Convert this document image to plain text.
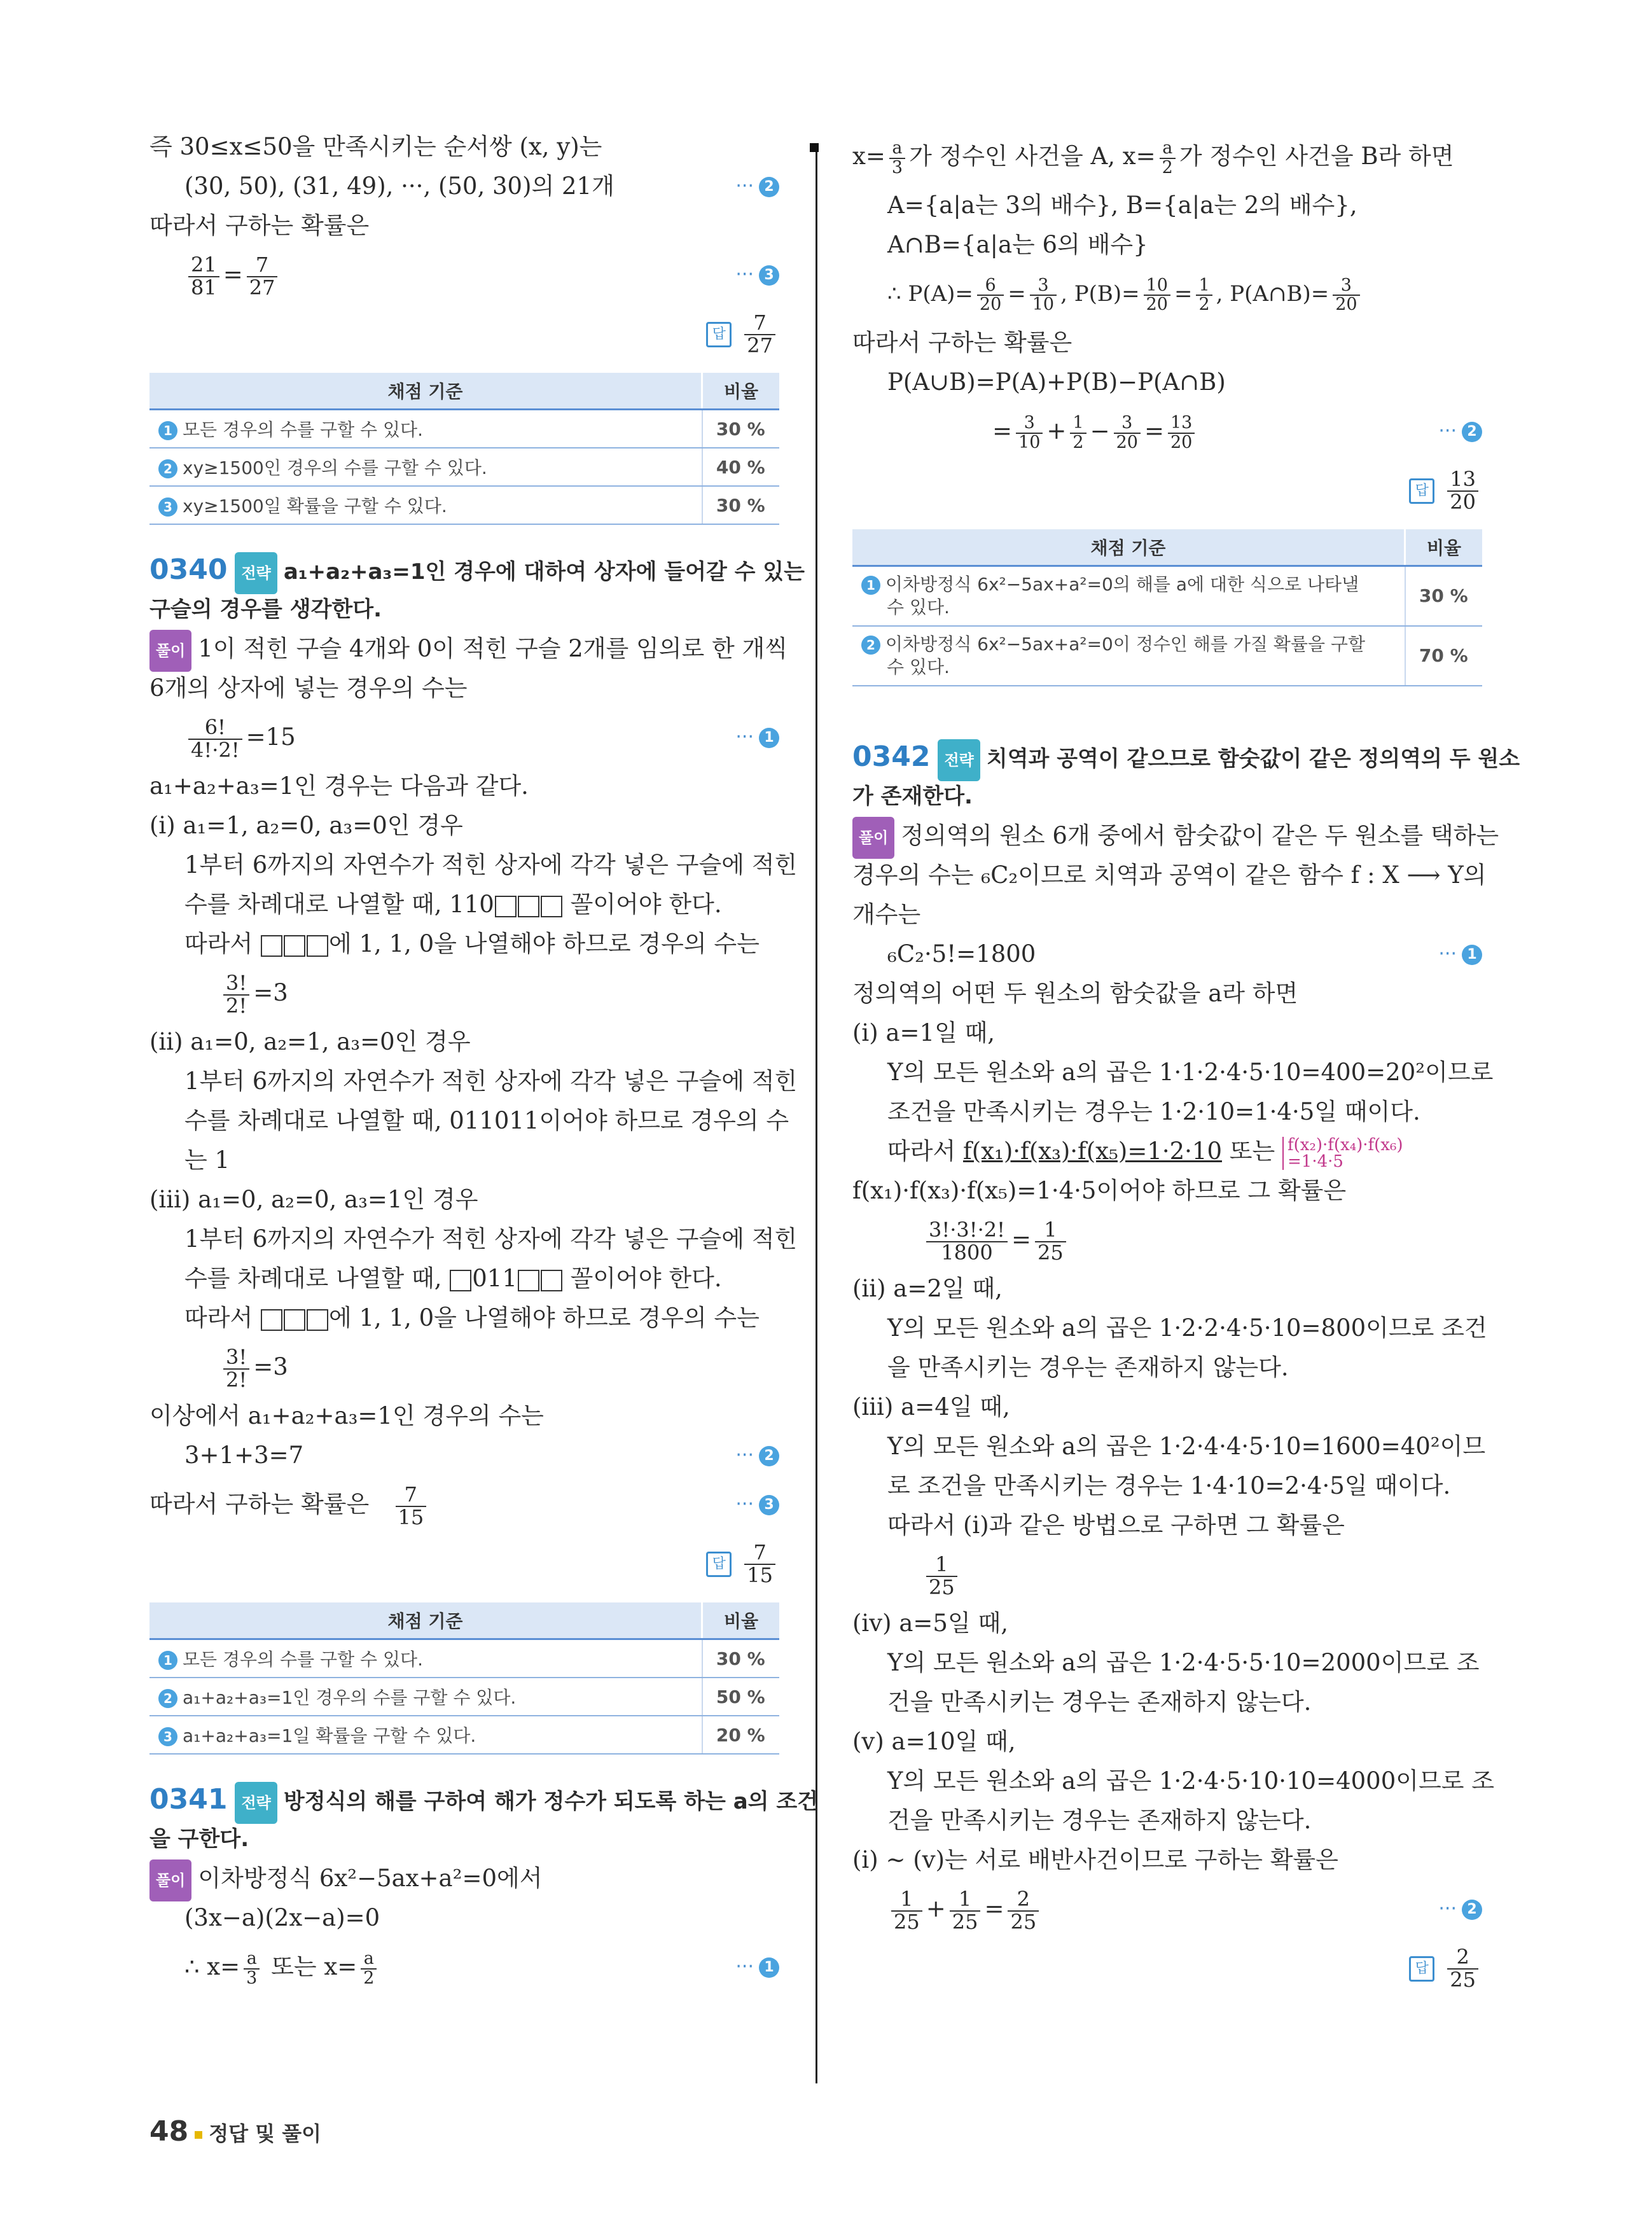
즉 30≤x≤50을 만족시키는 순서쌍 (x, y)는
(30, 50), (31, 49), ···, (50, 30)의 21개	··· 2
따라서 구하는 확률은
$\frac{21}{81} = \frac{7}{27}$	··· 3
답 $\frac{7}{27}$
채점 기준	비율
1 모든 경우의 수를 구할 수 있다.	30 %
2 xy≥1500인 경우의 수를 구할 수 있다.	40 %
3 xy≥1500일 확률을 구할 수 있다.	30 %
0340 전략 a₁+a₂+a₃=1인 경우에 대하여 상자에 들어갈 수 있는
구슬의 경우를 생각한다.
풀이 1이 적힌 구슬 4개와 0이 적힌 구슬 2개를 임의로 한 개씩
6개의 상자에 넣는 경우의 수는
$\frac{6!}{4!\cdot 2!} =15$	··· 1
a₁+a₂+a₃=1인 경우는 다음과 같다.
(ⅰ) a₁=1, a₂=0, a₃=0인 경우
1부터 6까지의 자연수가 적힌 상자에 각각 넣은 구슬에 적힌
수를 차례대로 나열할 때, 110	꼴이어야 한다.
따라서	에 1, 1, 0을 나열해야 하므로 경우의 수는
$\frac{3!}{2!} =3$
(ⅱ) a₁=0, a₂=1, a₃=0인 경우
1부터 6까지의 자연수가 적힌 상자에 각각 넣은 구슬에 적힌
수를 차례대로 나열할 때, 011011이어야 하므로 경우의 수
는 1
(ⅲ) a₁=0, a₂=0, a₃=1인 경우
1부터 6까지의 자연수가 적힌 상자에 각각 넣은 구슬에 적힌
수를 차례대로 나열할 때, 011 꼴이어야 한다.
따라서	에 1, 1, 0을 나열해야 하므로 경우의 수는
$\frac{3!}{2!} =3$
이상에서 a₁+a₂+a₃=1인 경우의 수는
3+1+3=7	··· 2
따라서 구하는 확률은 $\frac{7}{15}$	··· 3
답 $\frac{7}{15}$
채점 기준	비율
1 모든 경우의 수를 구할 수 있다.	30 %
2 a₁+a₂+a₃=1인 경우의 수를 구할 수 있다.	50 %
3 a₁+a₂+a₃=1일 확률을 구할 수 있다.	20 %
0341 전략 방정식의 해를 구하여 해가 정수가 되도록 하는 a의 조건
을 구한다.
풀이 이차방정식 6x²−5ax+a²=0에서
(3x−a)(2x−a)=0
∴ $x= \frac{a}{3}$ 또는 $x= \frac{a}{2}$	··· 1
$x= \frac{a}{3}$ 가 정수인 사건을 A, $x= \frac{a}{2}$ 가 정수인 사건을 B라 하면
A={a|a는 3의 배수}, B={a|a는 2의 배수},
A∩B={a|a는 6의 배수}
∴ $P(A)= \frac{6}{20} = \frac{3}{10}$ , $P(B)= \frac{10}{20} = \frac{1}{2}$ , P(A∩B)= $\frac{3}{20}$
따라서 구하는 확률은
P(A∪B)=P(A)+P(B)−P(A∩B)
= $\frac{3}{10} + \frac{1}{2} - \frac{3}{20} = \frac{13}{20}$	··· 2
답 $\frac{13}{20}$
채점 기준	비율
1 이차방정식 6x²−5ax+a²=0의 해를 a에 대한 식으로 나타낼
수 있다.	30 %
2 이차방정식 6x²−5ax+a²=0이 정수인 해를 가질 확률을 구할
수 있다.	70 %
0342 전략 치역과 공역이 같으므로 함숫값이 같은 정의역의 두 원소
가 존재한다.
풀이 정의역의 원소 6개 중에서 함숫값이 같은 두 원소를 택하는
경우의 수는 ₆C₂이므로 치역과 공역이 같은 함수 f : X ⟶ Y의
개수는
₆C₂·5!=1800	··· 1
정의역의 어떤 두 원소의 함숫값을 a라 하면
(ⅰ) a=1일 때,
Y의 모든 원소와 a의 곱은 1·1·2·4·5·10=400=20²이므로
조건을 만족시키는 경우는 1·2·10=1·4·5일 때이다.
따라서 f(x₁)·f(x₃)·f(x₅)=1·2·10 또는 f(x₂)·f(x₄)·f(x₆)
=1·4·5
f(x₁)·f(x₃)·f(x₅)=1·4·5이어야 하므로 그 확률은
$\frac{3!\cdot 3!\cdot 2!}{1800} = \frac{1}{25}$
(ⅱ) a=2일 때,
Y의 모든 원소와 a의 곱은 1·2·2·4·5·10=800이므로 조건
을 만족시키는 경우는 존재하지 않는다.
(ⅲ) a=4일 때,
Y의 모든 원소와 a의 곱은 1·2·4·4·5·10=1600=40²이므
로 조건을 만족시키는 경우는 1·4·10=2·4·5일 때이다.
따라서 (ⅰ)과 같은 방법으로 구하면 그 확률은
$\frac{1}{25}$
(ⅳ) a=5일 때,
Y의 모든 원소와 a의 곱은 1·2·4·5·5·10=2000이므로 조
건을 만족시키는 경우는 존재하지 않는다.
(ⅴ) a=10일 때,
Y의 모든 원소와 a의 곱은 1·2·4·5·10·10=4000이므로 조
건을 만족시키는 경우는 존재하지 않는다.
(ⅰ) ~ (ⅴ)는 서로 배반사건이므로 구하는 확률은
$\frac{1}{25} + \frac{1}{25} = \frac{2}{25}$	··· 2
답 $\frac{2}{25}$
48 정답 및 풀이
